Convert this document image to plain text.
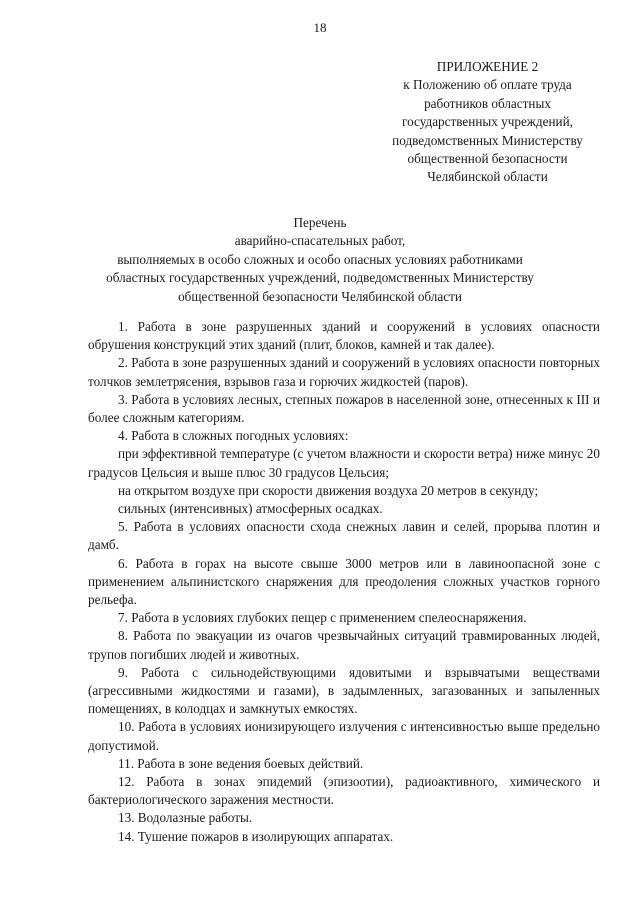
18
ПРИЛОЖЕНИЕ 2
к Положению об оплате труда
работников областных
государственных учреждений,
подведомственных Министерству
общественной безопасности
Челябинской области
Перечень
аварийно-спасательных работ,
выполняемых в особо сложных и особо опасных условиях работниками
областных государственных учреждений, подведомственных Министерству
общественной безопасности Челябинской области

1. Работа в зоне разрушенных зданий и сооружений в условиях опасности обрушения конструкций этих зданий (плит, блоков, камней и так далее).

2. Работа в зоне разрушенных зданий и сооружений в условиях опасности повторных толчков землетрясения, взрывов газа и горючих жидкостей (паров).

3. Работа в условиях лесных, степных пожаров в населенной зоне, отнесенных к III и более сложным категориям.

4. Работа в сложных погодных условиях:

при эффективной температуре (с учетом влажности и скорости ветра) ниже минус 20 градусов Цельсия и выше плюс 30 градусов Цельсия;

на открытом воздухе при скорости движения воздуха 20 метров в секунду;

сильных (интенсивных) атмосферных осадках.

5. Работа в условиях опасности схода снежных лавин и селей, прорыва плотин и дамб.

6. Работа в горах на высоте свыше 3000 метров или в лавиноопасной зоне с применением альпинистского снаряжения для преодоления сложных участков горного рельефа.

7. Работа в условиях глубоких пещер с применением спелеоснаряжения.

8. Работа по эвакуации из очагов чрезвычайных ситуаций травмированных людей, трупов погибших людей и животных.

9. Работа с сильнодействующими ядовитыми и взрывчатыми веществами (агрессивными жидкостями и газами), в задымленных, загазованных и запыленных помещениях, в колодцах и замкнутых емкостях.

10. Работа в условиях ионизирующего излучения с интенсивностью выше предельно допустимой.

11. Работа в зоне ведения боевых действий.

12. Работа в зонах эпидемий (эпизоотии), радиоактивного, химического и бактериологического заражения местности.

13. Водолазные работы.

14. Тушение пожаров в изолирующих аппаратах.
